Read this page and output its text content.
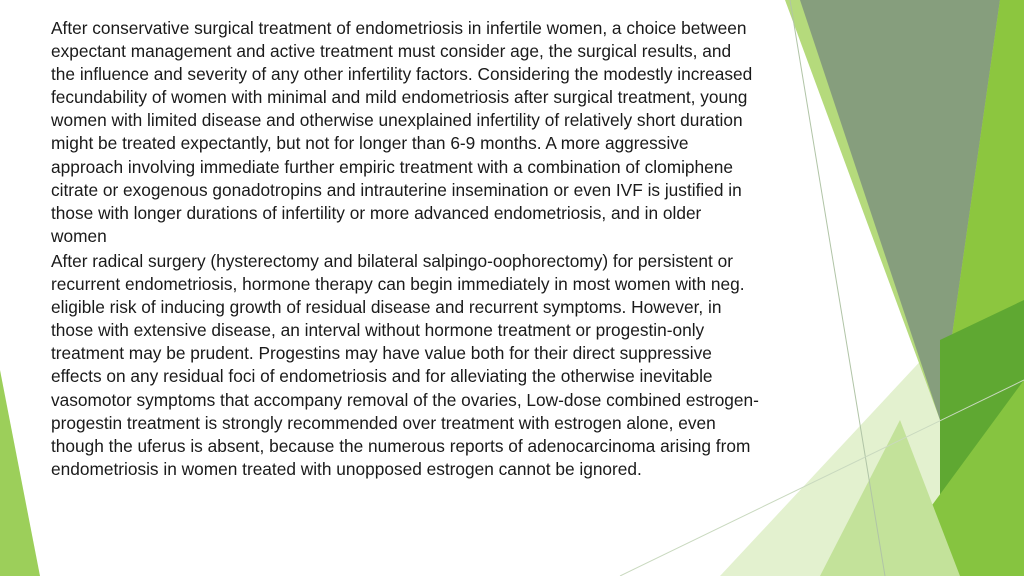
After conservative surgical treatment of endometriosis in infertile women, a choice between expectant management and active treatment must consider age, the surgical results, and the influence and severity of any other infertility factors. Considering the modestly increased fecundability of women with minimal and mild endometriosis after surgical treatment, young women with limited disease and otherwise unexplained infertility of relatively short duration might be treated expectantly, but not for longer than 6-9 months. A more aggressive approach involving immediate further empiric treatment with a combination of clomiphene citrate or exogenous gonadotropins and intrauterine insemination or even IVF is justified in those with longer durations of infertility or more advanced endometriosis, and in older women

After radical surgery (hysterectomy and bilateral salpingo-oophorectomy) for persistent or recurrent endometriosis, hormone therapy can begin immediately in most women with neg. eligible risk of inducing growth of residual disease and recurrent symptoms. However, in those with extensive disease, an interval without hormone treatment or progestin-only treatment may be prudent. Progestins may have value both for their direct suppressive effects on any residual foci of endometriosis and for alleviating the otherwise inevitable vasomotor symptoms that accompany removal of the ovaries, Low-dose combined estrogen-progestin treatment is strongly recommended over treatment with estrogen alone, even though the uferus is absent, because the numerous reports of adenocarcinoma arising from endometriosis in women treated with unopposed estrogen cannot be ignored.
